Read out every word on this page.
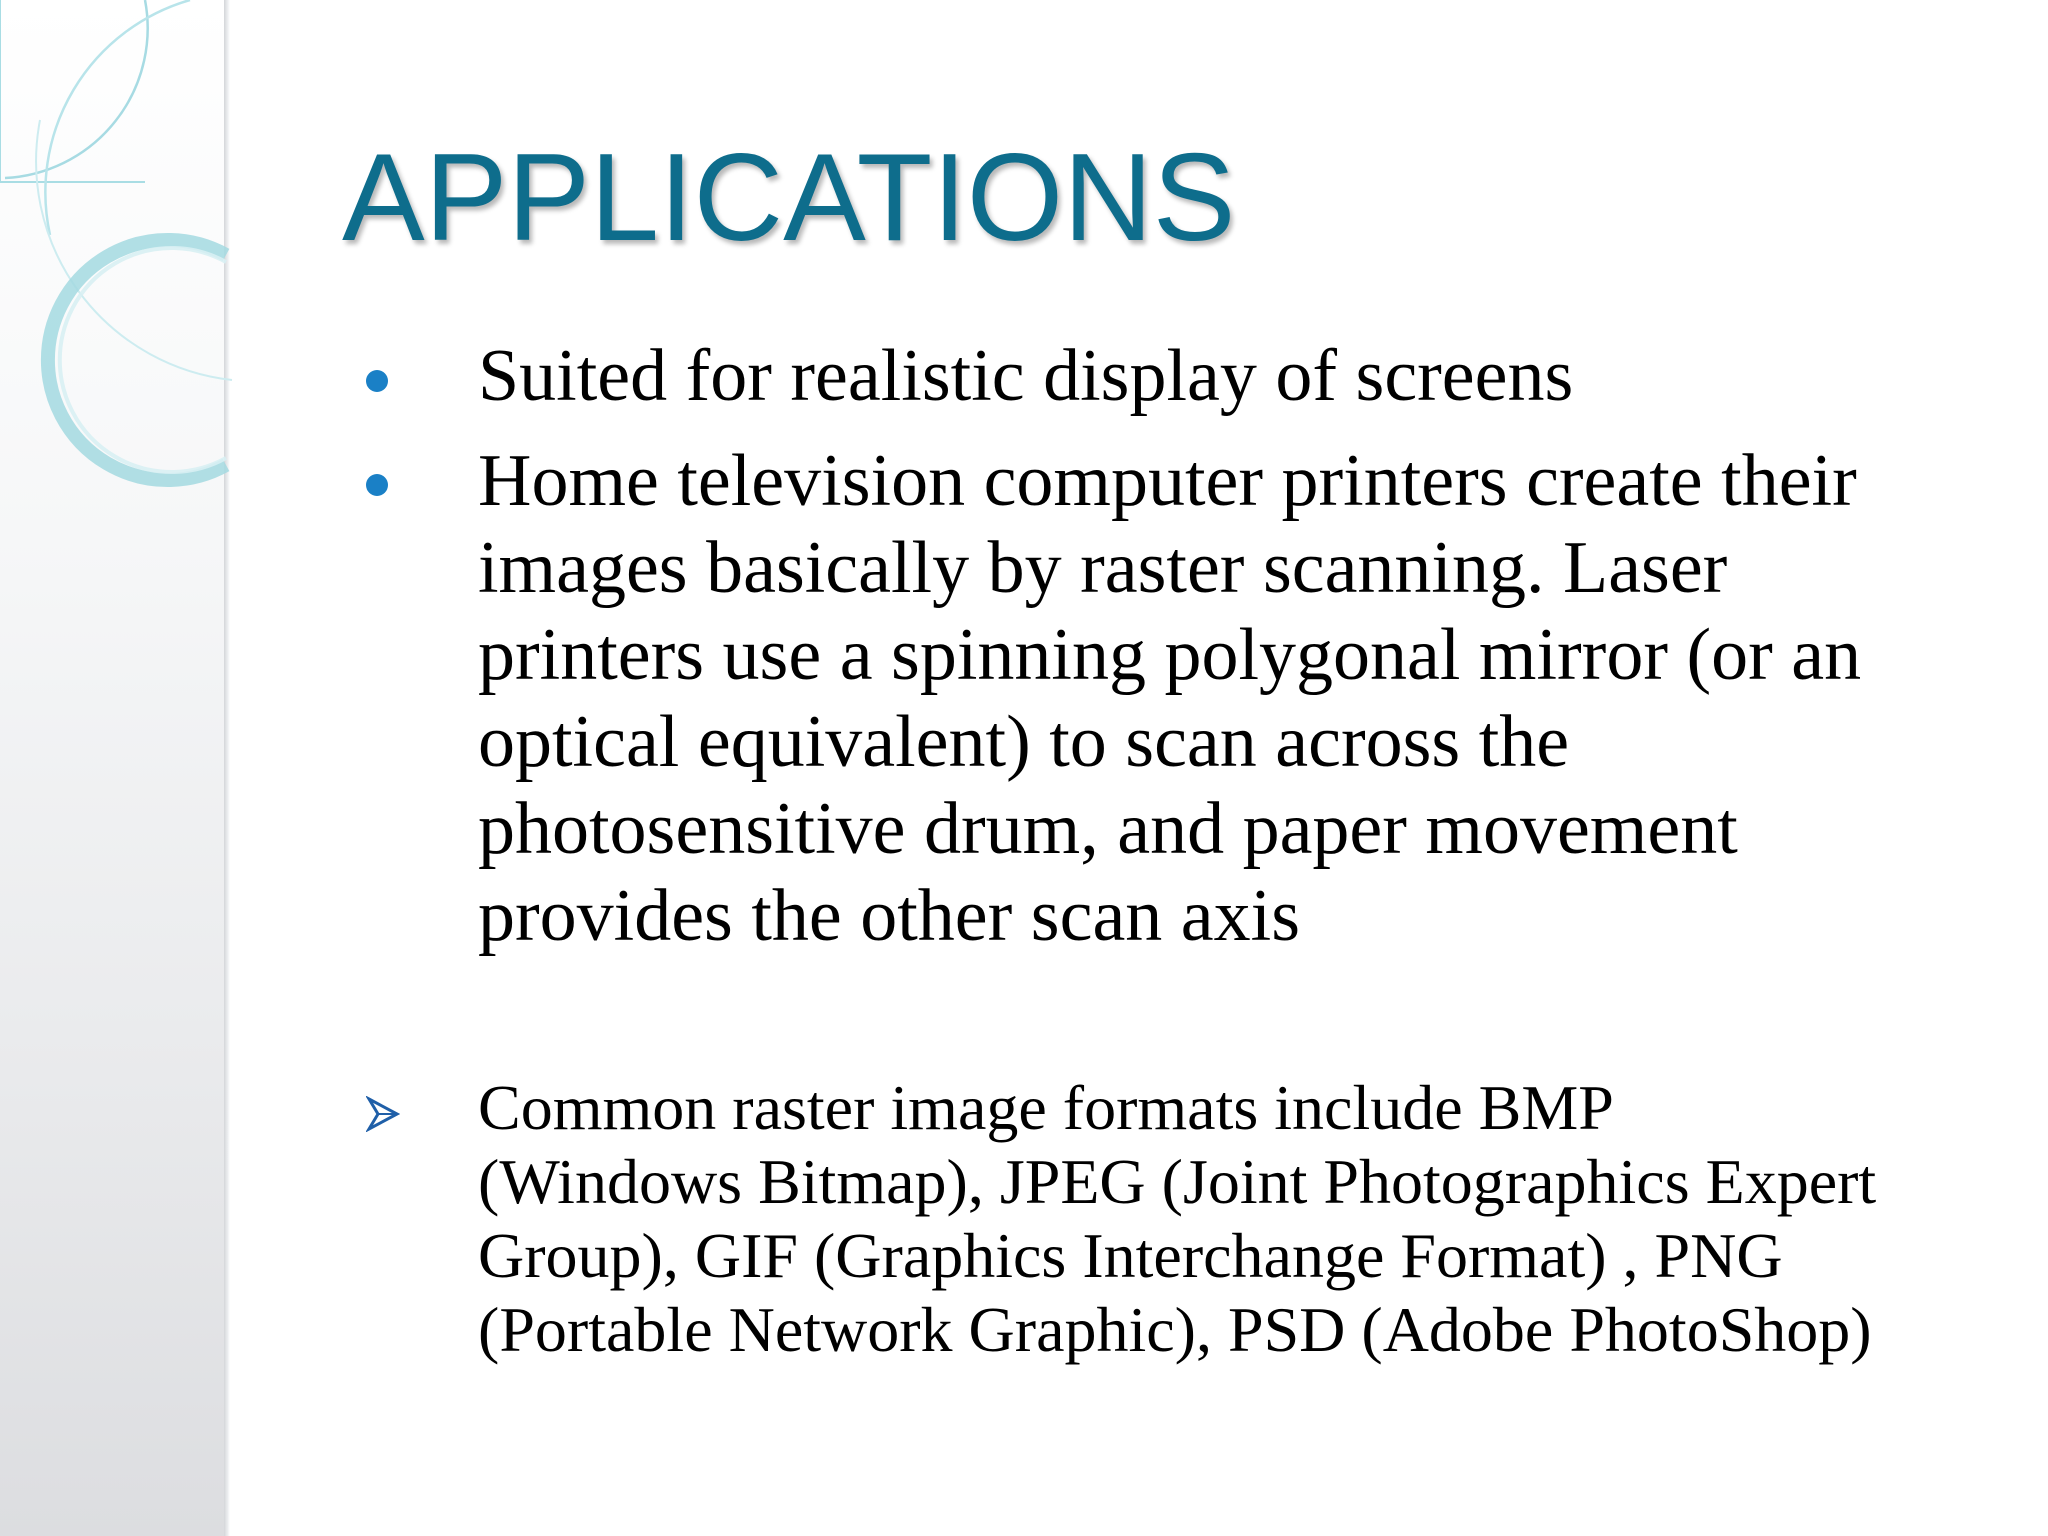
APPLICATIONS
Suited for realistic display of screens
Home television computer printers create their
images basically by raster scanning. Laser
printers use a spinning polygonal mirror (or an
optical equivalent) to scan across the
photosensitive drum, and paper movement
provides the other scan axis
Common raster image formats include BMP
(Windows Bitmap), JPEG (Joint Photographics Expert
Group), GIF (Graphics Interchange Format) , PNG
(Portable Network Graphic), PSD (Adobe PhotoShop)
